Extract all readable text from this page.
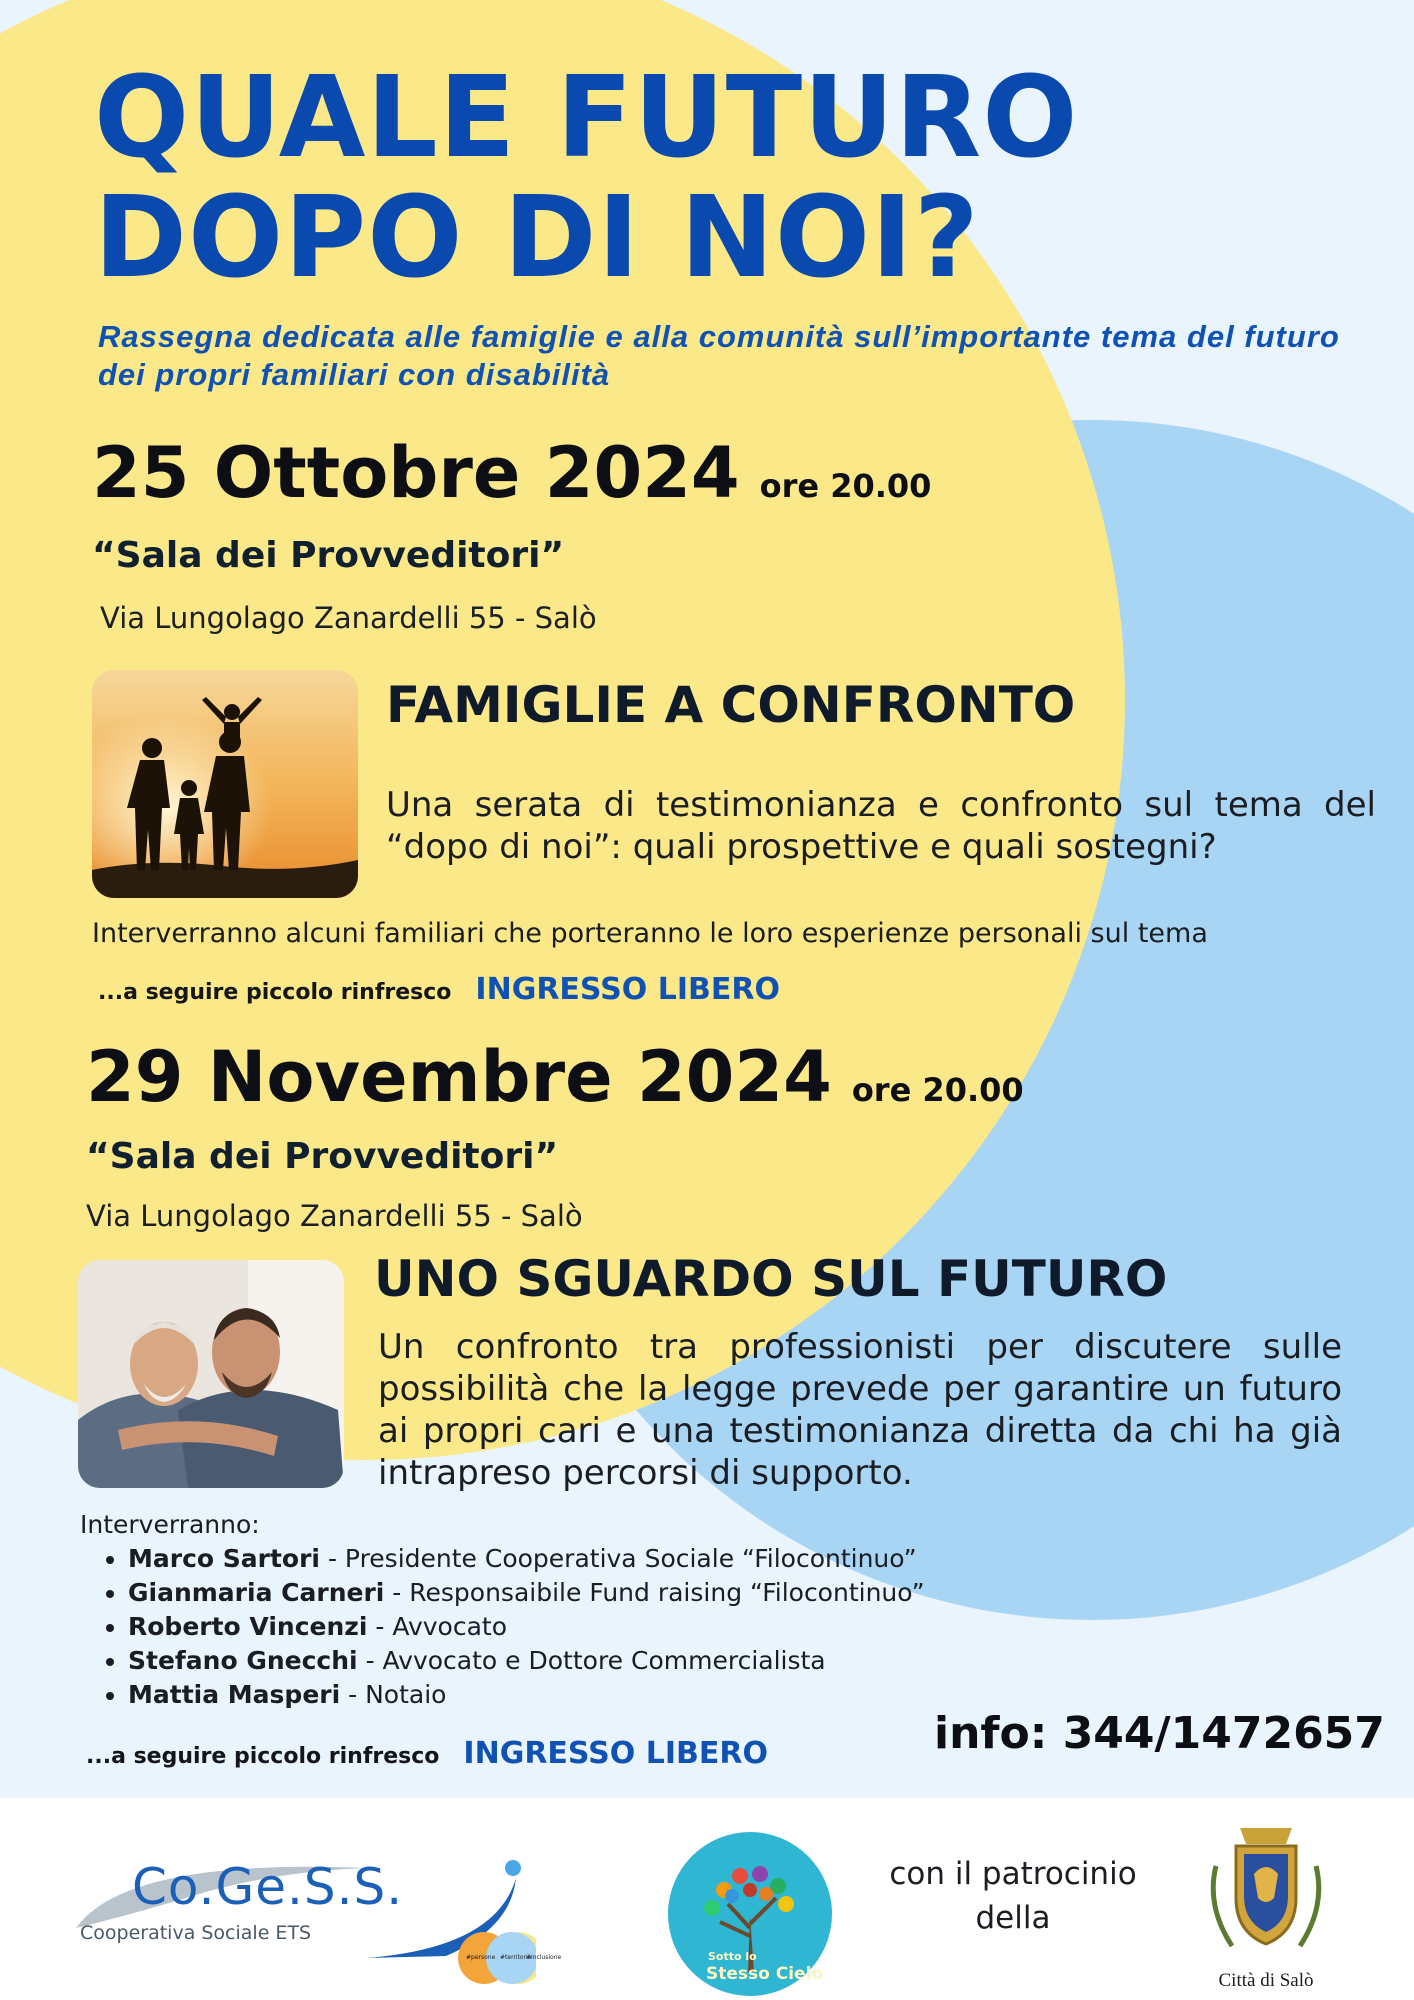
QUALE FUTURO
DOPO DI NOI?
Rassegna dedicata alle famiglie e alla comunità sull’importante tema del futuro dei propri familiari con disabilità
25 Ottobre 2024 ore 20.00
“Sala dei Provveditori”
Via Lungolago Zanardelli 55 - Salò
FAMIGLIE A CONFRONTO
Una serata di testimonianza e confronto sul tema del “dopo di noi”: quali prospettive e quali sostegni?
Interverranno alcuni familiari che porteranno le loro esperienze personali sul tema
...a seguire piccolo rinfresco INGRESSO LIBERO
29 Novembre 2024 ore 20.00
“Sala dei Provveditori”
Via Lungolago Zanardelli 55 - Salò
UNO SGUARDO SUL FUTURO
Un confronto tra professionisti per discutere sulle possibilità che la legge prevede per garantire un futuro ai propri cari e una testimonianza diretta da chi ha già intrapreso percorsi di supporto.
Interverranno:
• Marco Sartori - Presidente Cooperativa Sociale “Filocontinuo”
• Gianmaria Carneri - Responsaibile Fund raising “Filocontinuo”
• Roberto Vincenzi - Avvocato
• Stefano Gnecchi - Avvocato e Dottore Commercialista
• Mattia Masperi - Notaio
...a seguire piccolo rinfresco INGRESSO LIBERO	info: 344/1472657
Co.Ge.S.S.
Cooperativa Sociale ETS
#persone #territorio
#inclusione	Sotto lo
Stesso Cielo
con il patrocinio della
Città di Salò
